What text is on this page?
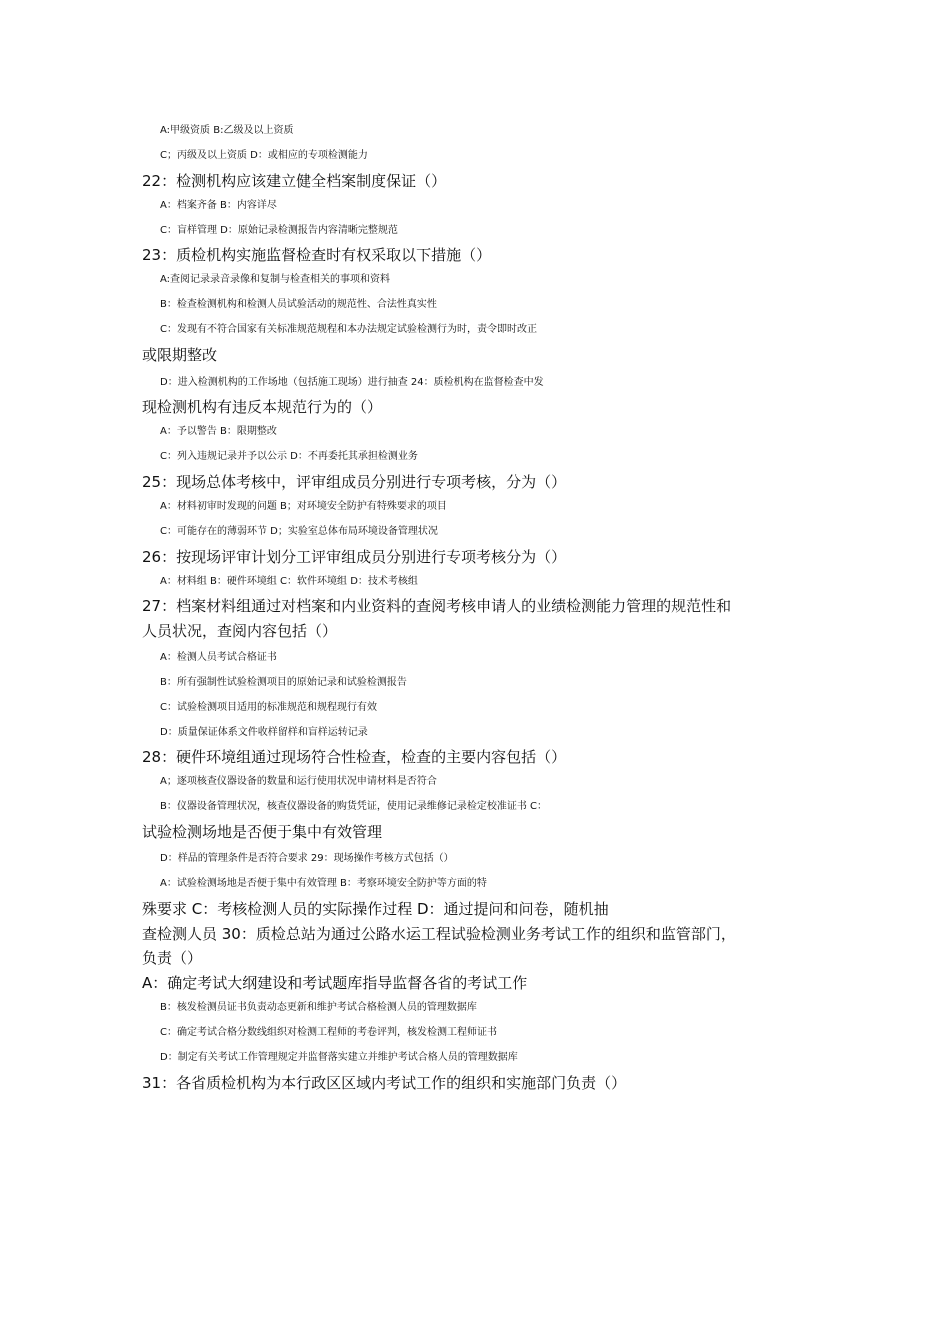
A:甲级资质 B:乙级及以上资质
C；丙级及以上资质 D：或相应的专项检测能力
22：检测机构应该建立健全档案制度保证（）
A：档案齐备 B：内容详尽
C：盲样管理 D：原始记录检测报告内容清晰完整规范
23：质检机构实施监督检查时有权采取以下措施（）
A:查阅记录录音录像和复制与检查相关的事项和资料
B：检查检测机构和检测人员试验活动的规范性、合法性真实性
C：发现有不符合国家有关标准规范规程和本办法规定试验检测行为时，责令即时改正
或限期整改
D：进入检测机构的工作场地（包括施工现场）进行抽查 24：质检机构在监督检查中发
现检测机构有违反本规范行为的（）
A：予以警告 B：限期整改
C：列入违规记录并予以公示 D：不再委托其承担检测业务
25：现场总体考核中，评审组成员分别进行专项考核，分为（）
A：材料初审时发现的问题 B；对环境安全防护有特殊要求的项目
C：可能存在的薄弱环节 D；实验室总体布局环境设备管理状况
26：按现场评审计划分工评审组成员分别进行专项考核分为（）
A：材料组 B：硬件环境组 C：软件环境组 D：技术考核组
27：档案材料组通过对档案和内业资料的查阅考核申请人的业绩检测能力管理的规范性和
人员状况，查阅内容包括（）
A：检测人员考试合格证书
B：所有强制性试验检测项目的原始记录和试验检测报告
C：试验检测项目适用的标准规范和规程现行有效
D：质量保证体系文件收样留样和盲样运转记录
28：硬件环境组通过现场符合性检查，检查的主要内容包括（）
A；逐项核查仪器设备的数量和运行使用状况申请材料是否符合
B：仪器设备管理状况，核查仪器设备的购货凭证，使用记录维修记录检定校准证书 C：
试验检测场地是否便于集中有效管理
D：样品的管理条件是否符合要求 29：现场操作考核方式包括（）
A：试验检测场地是否便于集中有效管理 B：考察环境安全防护等方面的特
殊要求 C：考核检测人员的实际操作过程 D：通过提问和问卷，随机抽
查检测人员 30：质检总站为通过公路水运工程试验检测业务考试工作的组织和监管部门，
负责（）
A：确定考试大纲建设和考试题库指导监督各省的考试工作
B：核发检测员证书负责动态更新和维护考试合格检测人员的管理数据库
C：确定考试合格分数线组织对检测工程师的考卷评判，核发检测工程师证书
D：制定有关考试工作管理规定并监督落实建立并维护考试合格人员的管理数据库
31：各省质检机构为本行政区区域内考试工作的组织和实施部门负责（）
